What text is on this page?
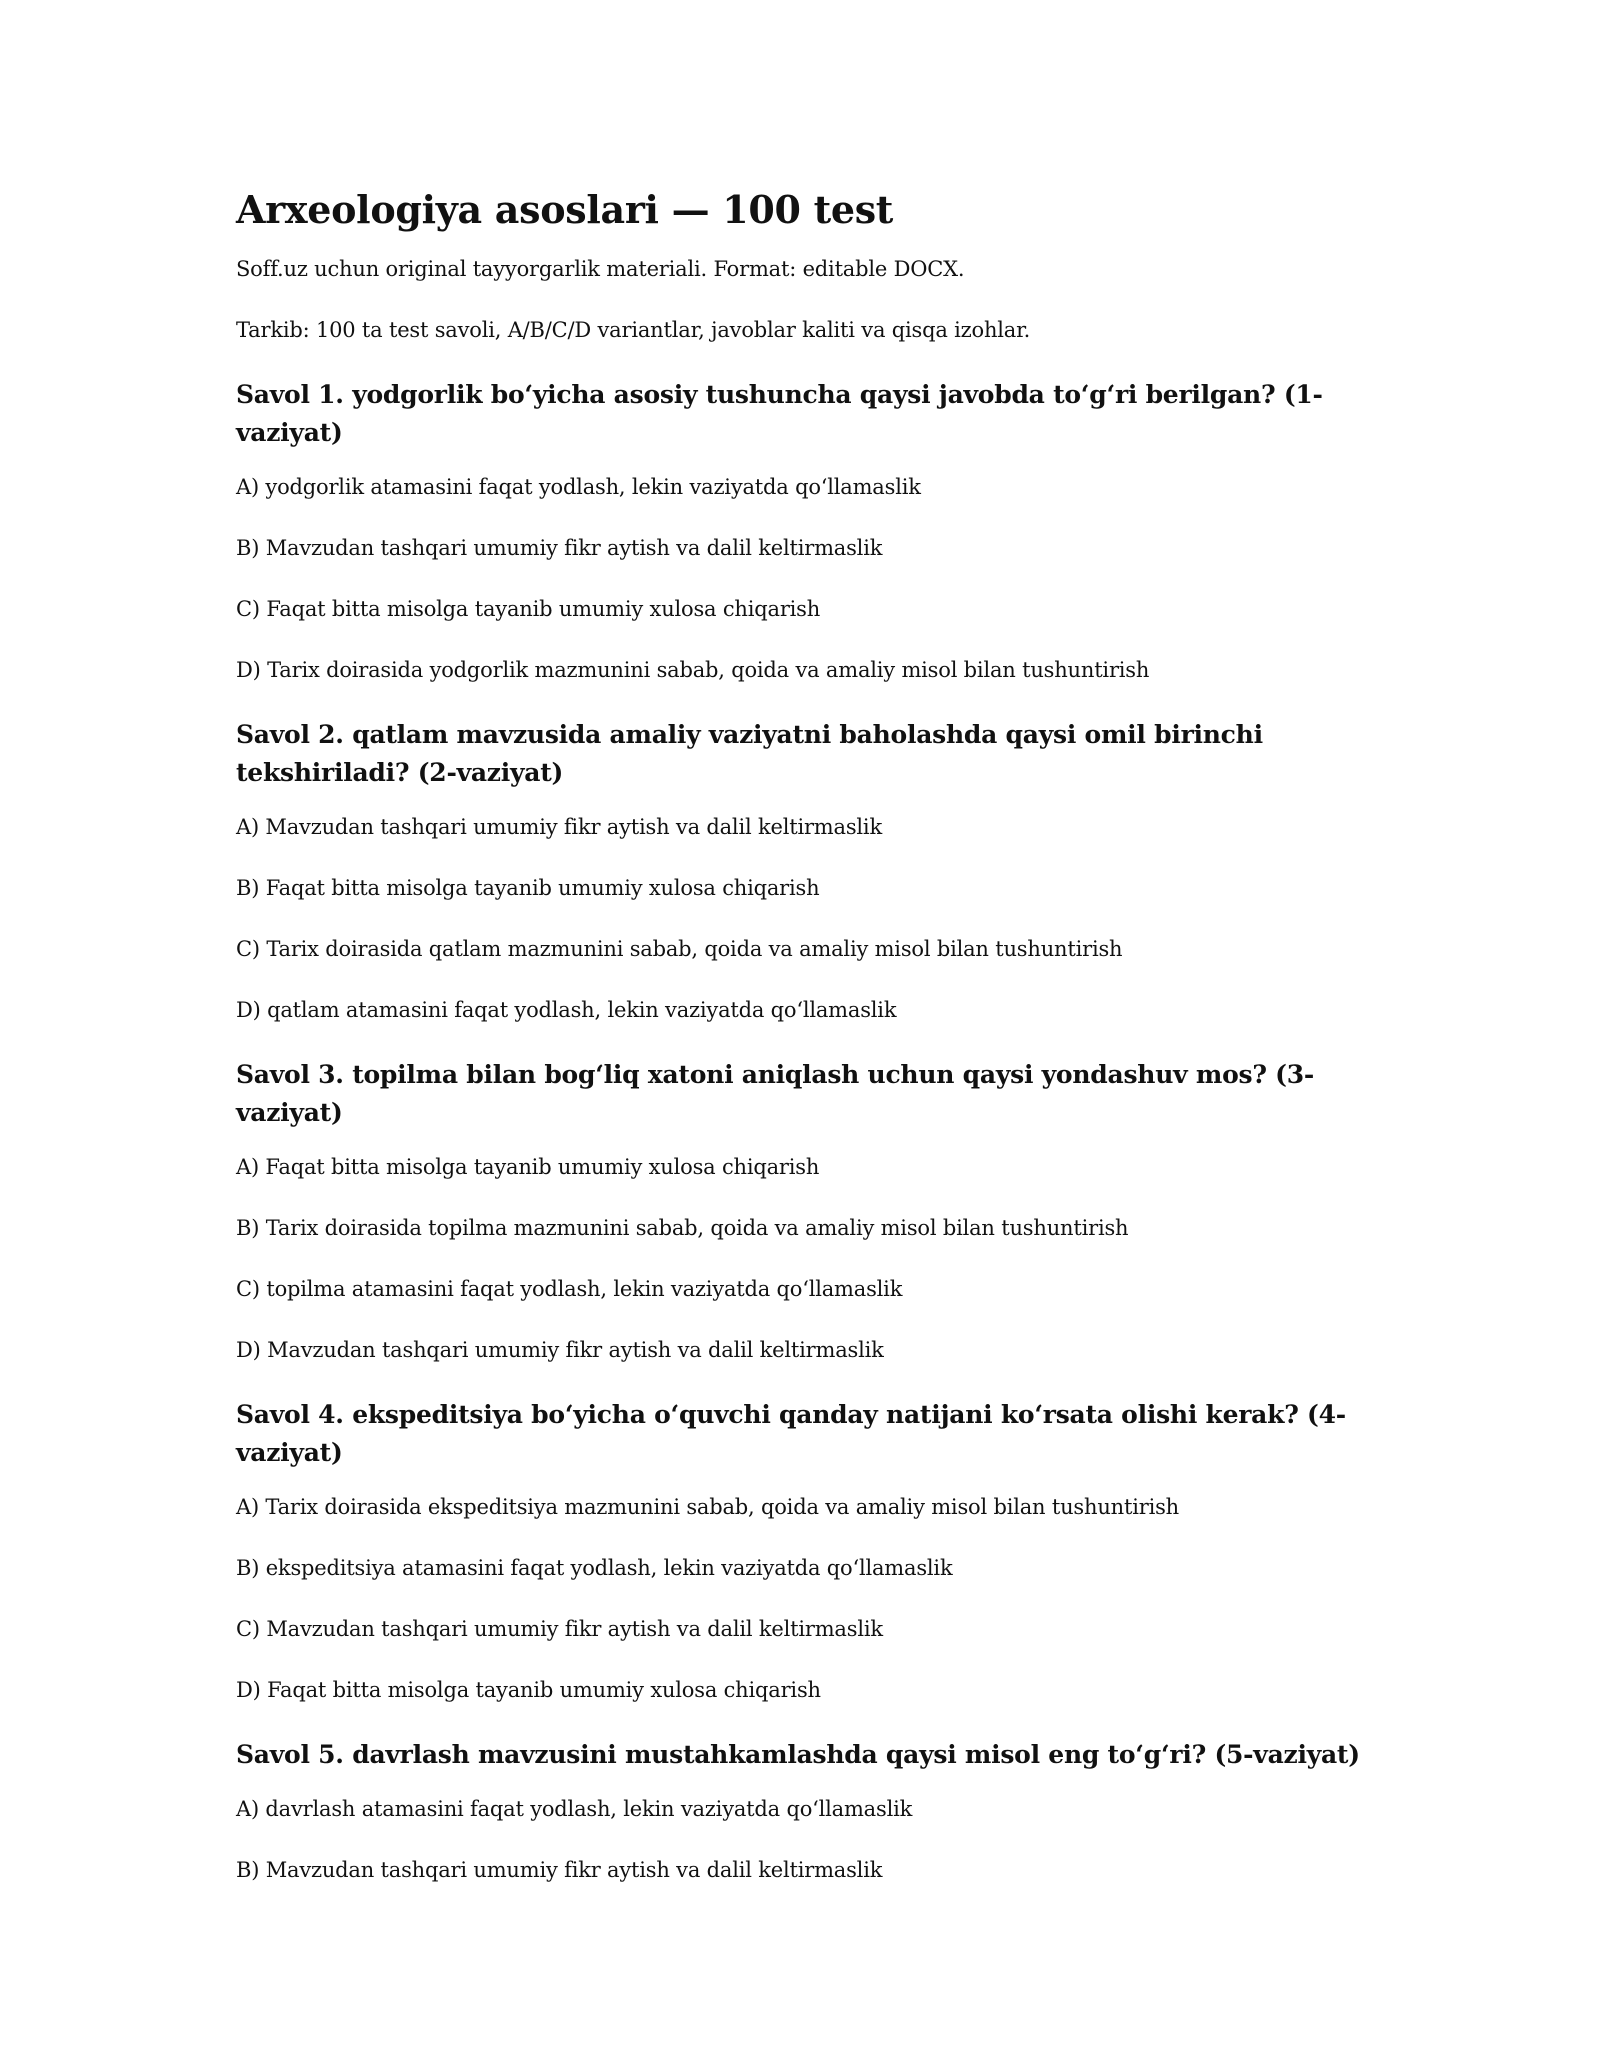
Arxeologiya asoslari — 100 test

Soff.uz uchun original tayyorgarlik materiali. Format: editable DOCX.

Tarkib: 100 ta test savoli, A/B/C/D variantlar, javoblar kaliti va qisqa izohlar.

Savol 1. yodgorlik bo‘yicha asosiy tushuncha qaysi javobda to‘g‘ri berilgan? (1-vaziyat)

A) yodgorlik atamasini faqat yodlash, lekin vaziyatda qo‘llamaslik

B) Mavzudan tashqari umumiy fikr aytish va dalil keltirmaslik

C) Faqat bitta misolga tayanib umumiy xulosa chiqarish

D) Tarix doirasida yodgorlik mazmunini sabab, qoida va amaliy misol bilan tushuntirish

Savol 2. qatlam mavzusida amaliy vaziyatni baholashda qaysi omil birinchi tekshiriladi? (2-vaziyat)

A) Mavzudan tashqari umumiy fikr aytish va dalil keltirmaslik

B) Faqat bitta misolga tayanib umumiy xulosa chiqarish

C) Tarix doirasida qatlam mazmunini sabab, qoida va amaliy misol bilan tushuntirish

D) qatlam atamasini faqat yodlash, lekin vaziyatda qo‘llamaslik

Savol 3. topilma bilan bog‘liq xatoni aniqlash uchun qaysi yondashuv mos? (3-vaziyat)

A) Faqat bitta misolga tayanib umumiy xulosa chiqarish

B) Tarix doirasida topilma mazmunini sabab, qoida va amaliy misol bilan tushuntirish

C) topilma atamasini faqat yodlash, lekin vaziyatda qo‘llamaslik

D) Mavzudan tashqari umumiy fikr aytish va dalil keltirmaslik

Savol 4. ekspeditsiya bo‘yicha o‘quvchi qanday natijani ko‘rsata olishi kerak? (4-vaziyat)

A) Tarix doirasida ekspeditsiya mazmunini sabab, qoida va amaliy misol bilan tushuntirish

B) ekspeditsiya atamasini faqat yodlash, lekin vaziyatda qo‘llamaslik

C) Mavzudan tashqari umumiy fikr aytish va dalil keltirmaslik

D) Faqat bitta misolga tayanib umumiy xulosa chiqarish

Savol 5. davrlash mavzusini mustahkamlashda qaysi misol eng to‘g‘ri? (5-vaziyat)

A) davrlash atamasini faqat yodlash, lekin vaziyatda qo‘llamaslik

B) Mavzudan tashqari umumiy fikr aytish va dalil keltirmaslik
